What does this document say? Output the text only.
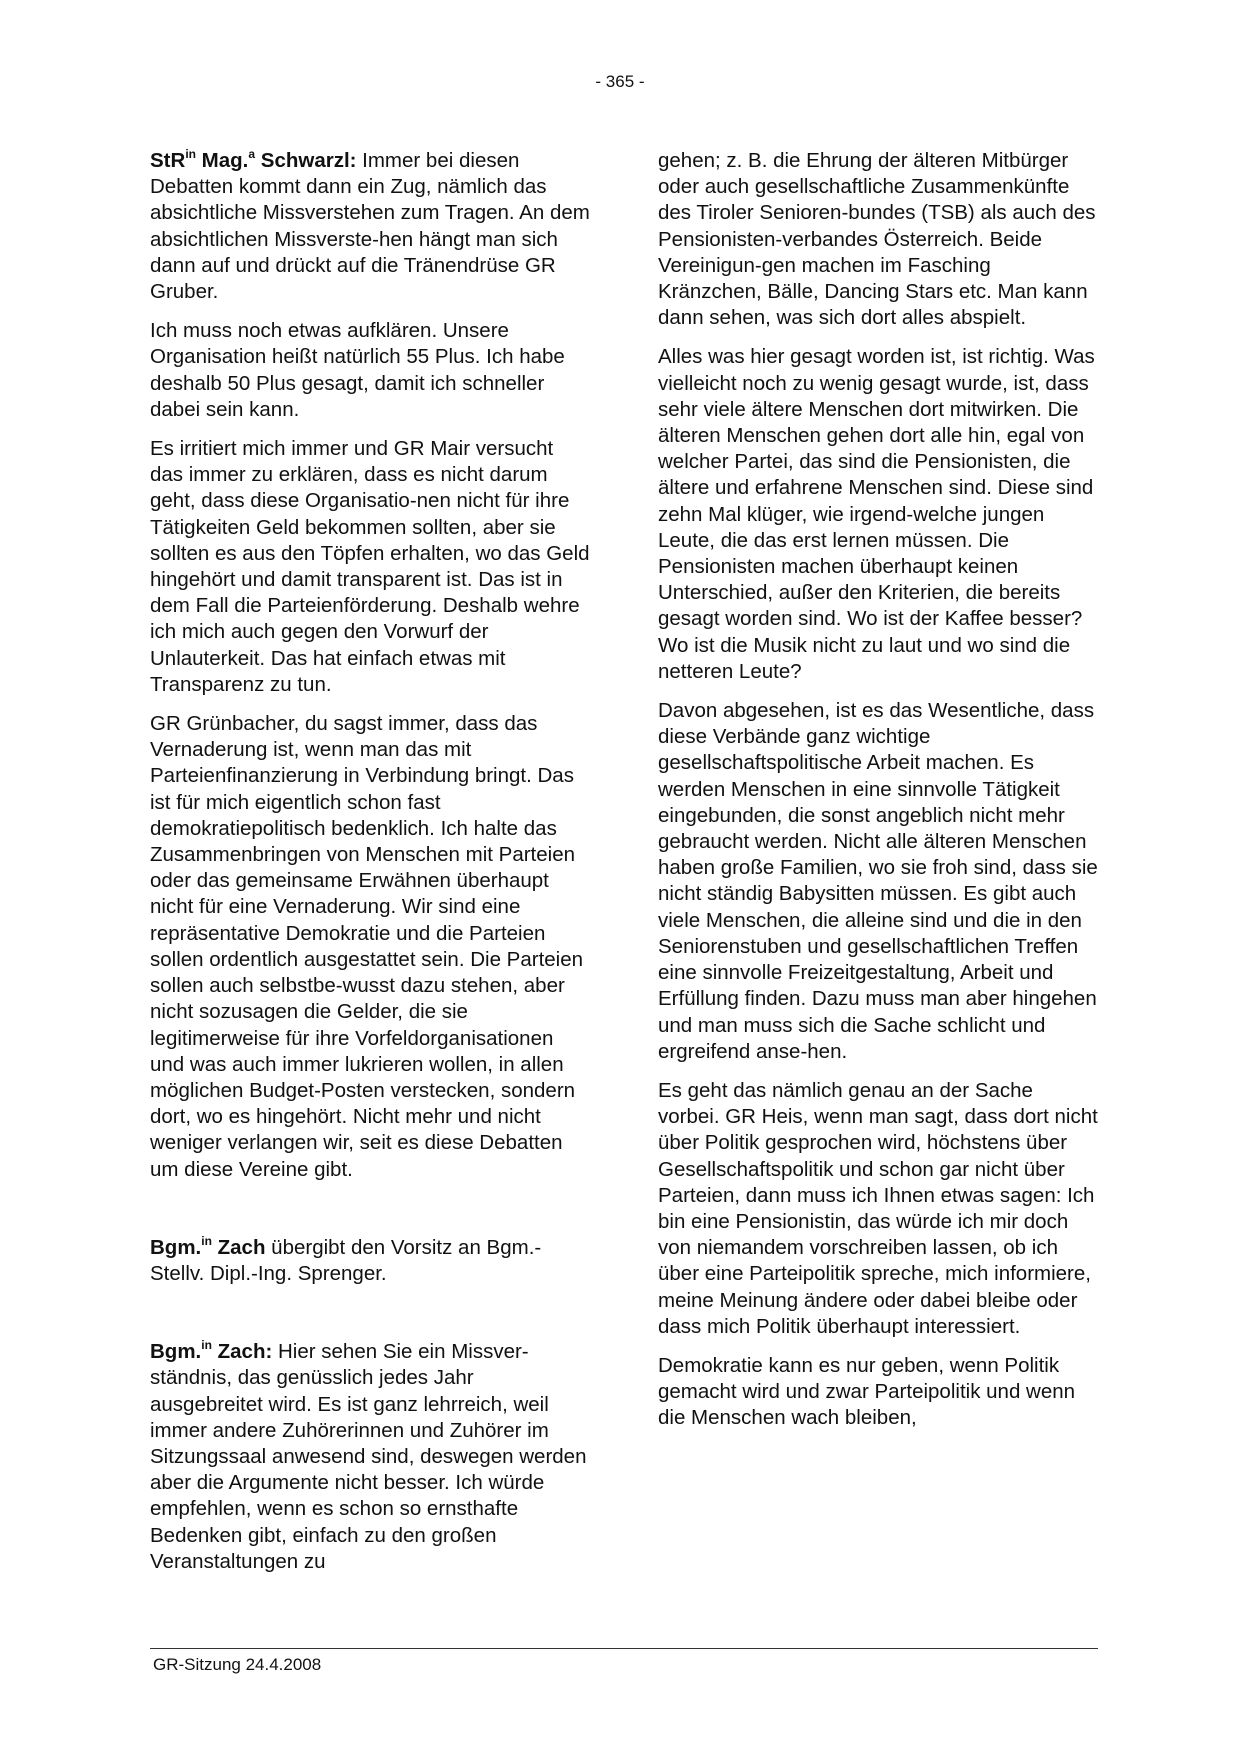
- 365 -

StR$^{in}$ Mag.$^a$ Schwarzl: Immer bei diesen Debatten kommt dann ein Zug, nämlich das absichtliche Missverstehen zum Tragen. An dem absichtlichen Missverste-hen hängt man sich dann auf und drückt auf die Tränendrüse GR Gruber.

Ich muss noch etwas aufklären. Unsere Organisation heißt natürlich 55 Plus. Ich habe deshalb 50 Plus gesagt, damit ich schneller dabei sein kann.

Es irritiert mich immer und GR Mair versucht das immer zu erklären, dass es nicht darum geht, dass diese Organisatio-nen nicht für ihre Tätigkeiten Geld bekommen sollten, aber sie sollten es aus den Töpfen erhalten, wo das Geld hingehört und damit transparent ist. Das ist in dem Fall die Parteienförderung. Deshalb wehre ich mich auch gegen den Vorwurf der Unlauterkeit. Das hat einfach etwas mit Transparenz zu tun.

GR Grünbacher, du sagst immer, dass das Vernaderung ist, wenn man das mit Parteienfinanzierung in Verbindung bringt. Das ist für mich eigentlich schon fast demokratiepolitisch bedenklich. Ich halte das Zusammenbringen von Menschen mit Parteien oder das gemeinsame Erwähnen überhaupt nicht für eine Vernaderung. Wir sind eine repräsentative Demokratie und die Parteien sollen ordentlich ausgestattet sein. Die Parteien sollen auch selbstbe-wusst dazu stehen, aber nicht sozusagen die Gelder, die sie legitimerweise für ihre Vorfeldorganisationen und was auch immer lukrieren wollen, in allen möglichen Budget-Posten verstecken, sondern dort, wo es hingehört. Nicht mehr und nicht weniger verlangen wir, seit es diese Debatten um diese Vereine gibt.

Bgm.$^{in}$ Zach übergibt den Vorsitz an Bgm.-Stellv. Dipl.-Ing. Sprenger.

Bgm.$^{in}$ Zach: Hier sehen Sie ein Missver-ständnis, das genüsslich jedes Jahr ausgebreitet wird. Es ist ganz lehrreich, weil immer andere Zuhörerinnen und Zuhörer im Sitzungssaal anwesend sind, deswegen werden aber die Argumente nicht besser. Ich würde empfehlen, wenn es schon so ernsthafte Bedenken gibt, einfach zu den großen Veranstaltungen zu

gehen; z. B. die Ehrung der älteren Mitbürger oder auch gesellschaftliche Zusammenkünfte des Tiroler Senioren-bundes (TSB) als auch des Pensionisten-verbandes Österreich. Beide Vereinigun-gen machen im Fasching Kränzchen, Bälle, Dancing Stars etc. Man kann dann sehen, was sich dort alles abspielt.

Alles was hier gesagt worden ist, ist richtig. Was vielleicht noch zu wenig gesagt wurde, ist, dass sehr viele ältere Menschen dort mitwirken. Die älteren Menschen gehen dort alle hin, egal von welcher Partei, das sind die Pensionisten, die ältere und erfahrene Menschen sind. Diese sind zehn Mal klüger, wie irgend-welche jungen Leute, die das erst lernen müssen. Die Pensionisten machen überhaupt keinen Unterschied, außer den Kriterien, die bereits gesagt worden sind. Wo ist der Kaffee besser? Wo ist die Musik nicht zu laut und wo sind die netteren Leute?

Davon abgesehen, ist es das Wesentliche, dass diese Verbände ganz wichtige gesellschaftspolitische Arbeit machen. Es werden Menschen in eine sinnvolle Tätigkeit eingebunden, die sonst angeblich nicht mehr gebraucht werden. Nicht alle älteren Menschen haben große Familien, wo sie froh sind, dass sie nicht ständig Babysitten müssen. Es gibt auch viele Menschen, die alleine sind und die in den Seniorenstuben und gesellschaftlichen Treffen eine sinnvolle Freizeitgestaltung, Arbeit und Erfüllung finden. Dazu muss man aber hingehen und man muss sich die Sache schlicht und ergreifend anse-hen.

Es geht das nämlich genau an der Sache vorbei. GR Heis, wenn man sagt, dass dort nicht über Politik gesprochen wird, höchstens über Gesellschaftspolitik und schon gar nicht über Parteien, dann muss ich Ihnen etwas sagen: Ich bin eine Pensionistin, das würde ich mir doch von niemandem vorschreiben lassen, ob ich über eine Parteipolitik spreche, mich informiere, meine Meinung ändere oder dabei bleibe oder dass mich Politik überhaupt interessiert.

Demokratie kann es nur geben, wenn Politik gemacht wird und zwar Parteipolitik und wenn die Menschen wach bleiben,

GR-Sitzung 24.4.2008
